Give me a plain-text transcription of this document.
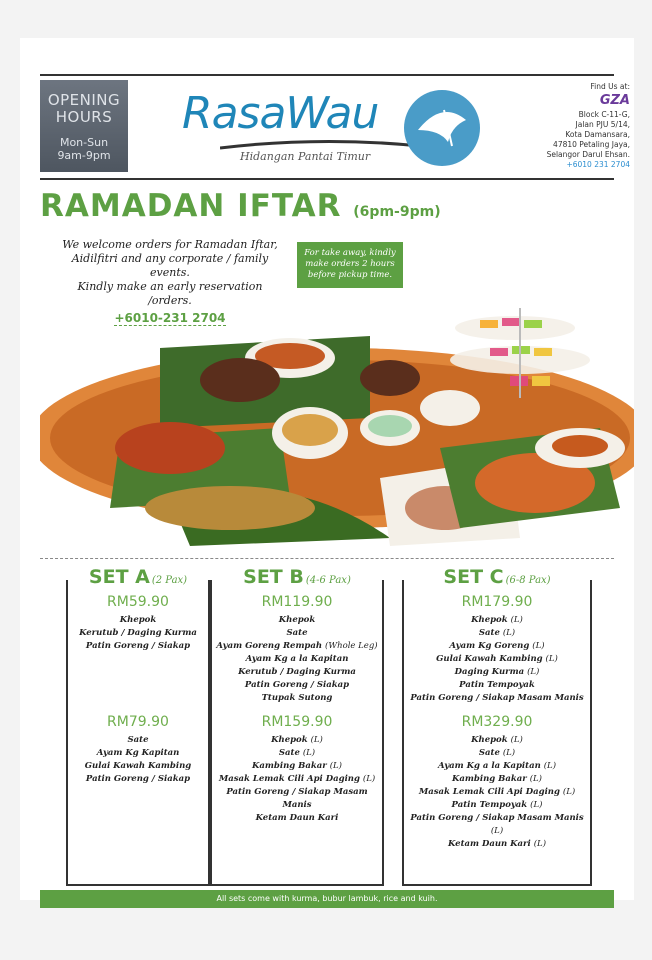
OPENING
HOURS
Mon-Sun
9am-9pm
RasaWau
Hidangan Pantai Timur
Find Us at:
GZA
Block C-11-G,
Jalan PJU 5/14,
Kota Damansara,
47810 Petaling Jaya,
Selangor Darul Ehsan.
+6010 231 2704
RAMADAN IFTAR (6pm-9pm)
We welcome orders for Ramadan Iftar,
Aidilfitri and any corporate / family events.
Kindly make an early reservation /orders.
+6010-231 2704
For take away, kindly make orders 2 hours before pickup time.
SET A (2 Pax)
RM59.90
Khepok
Kerutub / Daging Kurma
Patin Goreng / Siakap
RM79.90
Sate
Ayam Kg Kapitan
Gulai Kawah Kambing
Patin Goreng / Siakap
SET B (4-6 Pax)
RM119.90
Khepok
Sate
Ayam Goreng Rempah (Whole Leg)
Ayam Kg a la Kapitan
Kerutub / Daging Kurma
Patin Goreng / Siakap
Ttupak Sutong
RM159.90
Khepok (L)
Sate (L)
Kambing Bakar (L)
Masak Lemak Cili Api Daging (L)
Patin Goreng / Siakap Masam Manis
Ketam Daun Kari
SET C (6-8 Pax)
RM179.90
Khepok (L)
Sate (L)
Ayam Kg Goreng (L)
Gulai Kawah Kambing (L)
Daging Kurma (L)
Patin Tempoyak
Patin Goreng / Siakap Masam Manis
RM329.90
Khepok (L)
Sate (L)
Ayam Kg a la Kapitan (L)
Kambing Bakar (L)
Masak Lemak Cili Api Daging (L)
Patin Tempoyak (L)
Patin Goreng / Siakap Masam Manis (L)
Ketam Daun Kari (L)
All sets come with kurma, bubur lambuk, rice and kuih.
